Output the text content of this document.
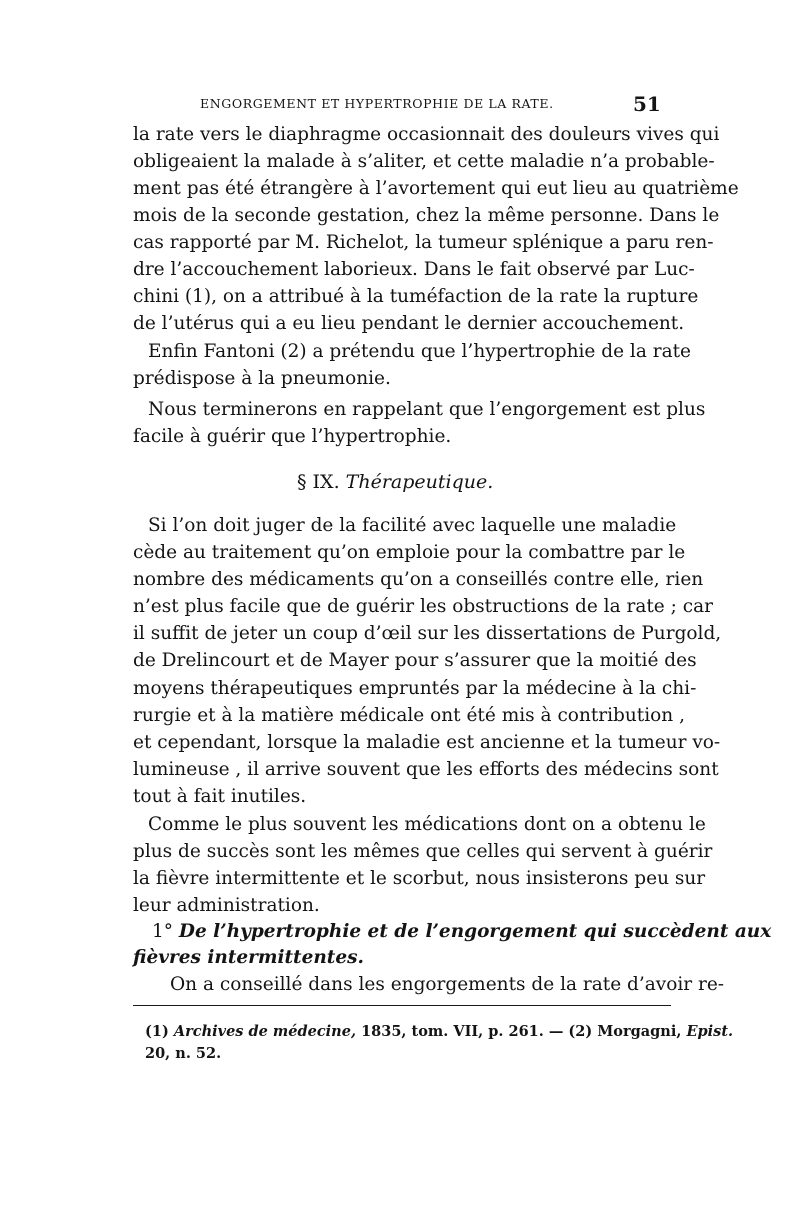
ENGORGEMENT ET HYPERTROPHIE DE LA RATE.	51
la rate vers le diaphragme occasionnait des douleurs vives qui
obligeaient la malade à s’aliter, et cette maladie n’a probable-
ment pas été étrangère à l’avortement qui eut lieu au quatrième
mois de la seconde gestation, chez la même personne. Dans le
cas rapporté par M. Richelot, la tumeur splénique a paru ren-
dre l’accouchement laborieux. Dans le fait observé par Luc-
chini (1), on a attribué à la tuméfaction de la rate la rupture
de l’utérus qui a eu lieu pendant le dernier accouchement.
Enfin Fantoni (2) a prétendu que l’hypertrophie de la rate
prédispose à la pneumonie.
Nous terminerons en rappelant que l’engorgement est plus
facile à guérir que l’hypertrophie.
§ IX. Thérapeutique.
Si l’on doit juger de la facilité avec laquelle une maladie
cède au traitement qu’on emploie pour la combattre par le
nombre des médicaments qu’on a conseillés contre elle, rien
n’est plus facile que de guérir les obstructions de la rate ; car
il suffit de jeter un coup d’œil sur les dissertations de Purgold,
de Drelincourt et de Mayer pour s’assurer que la moitié des
moyens thérapeutiques empruntés par la médecine à la chi-
rurgie et à la matière médicale ont été mis à contribution ,
et cependant, lorsque la maladie est ancienne et la tumeur vo-
lumineuse , il arrive souvent que les efforts des médecins sont
tout à fait inutiles.
Comme le plus souvent les médications dont on a obtenu le
plus de succès sont les mêmes que celles qui servent à guérir
la fièvre intermittente et le scorbut, nous insisterons peu sur
leur administration.
1° De l’hypertrophie et de l’engorgement qui succèdent aux
fièvres intermittentes.
On a conseillé dans les engorgements de la rate d’avoir re-
(1) Archives de médecine, 1835, tom. VII, p. 261. — (2) Morgagni, Epist.
20, n. 52.
